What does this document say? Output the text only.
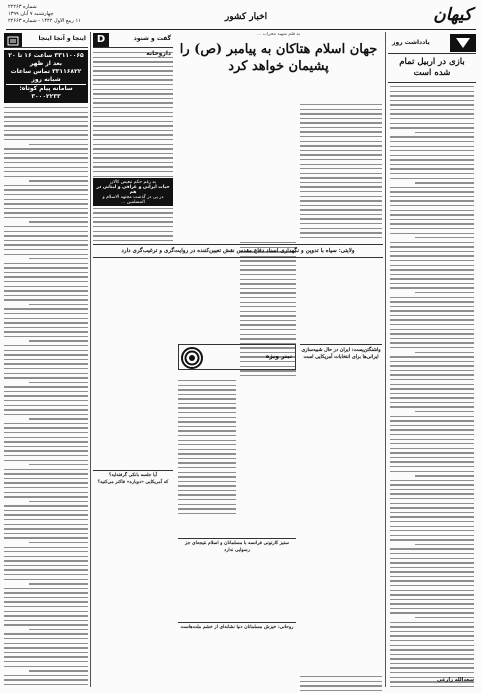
شماره ۲۲۲۶۳
چهارشنبه ۷ آبان ۱۳۹۹
۱۱ ربیع الاول ۱۴۴۲ - شماره ۲۲۶۶۳	اخبار کشور	کیهان
یادداشت روز
بازی در اربیل تمام شده است
سعدالله زارعی
به قلم شهید محراب ...
جهان اسلام هتاکان به پیامبر (ص) را
پشیمان خواهد کرد
D	گفت و شنود
به رغم حکم تبعیض کالان
حیات ایرانی و عراقی و لبنانی در هم
در پی در گذشت مجتهد الاسلام و المسلمین ...
داروخانه
ولایتی: سپاه با تدوین و نگهداری اسناد دفاع مقدس نقش تعیین‌کننده در روایت‌گری و ترغیب‌گری دارد
واشنگتن‌پست: ایران در حال شبیه‌سازی ایرانی‌ها برای انتخابات آمریکایی است
تیتر ویژه
آیا جلسه بانکی گرفته‌اید؟
که آمریکایی «دوباره» فاکنر می‌کنید؟
ستیز کارتونی فرانسه با مسلمانان و اسلام نتیجه‌ای جز رسوایی ندارد
روحانی: خیزش مسلمانان دنیا نشانه‌ای از خشم ملت‌هاست
اینجا و آنجا اینجا
۳۳۱۱۰۰۶۵ ساعت ۱۶ تا ۲۰ بعد از ظهر
۳۳۱۱۶۸۲۲ تماس ساعات شبانه روز
سامانه پیام کوتاه: ۳۰۰۰۲۲۳۳
